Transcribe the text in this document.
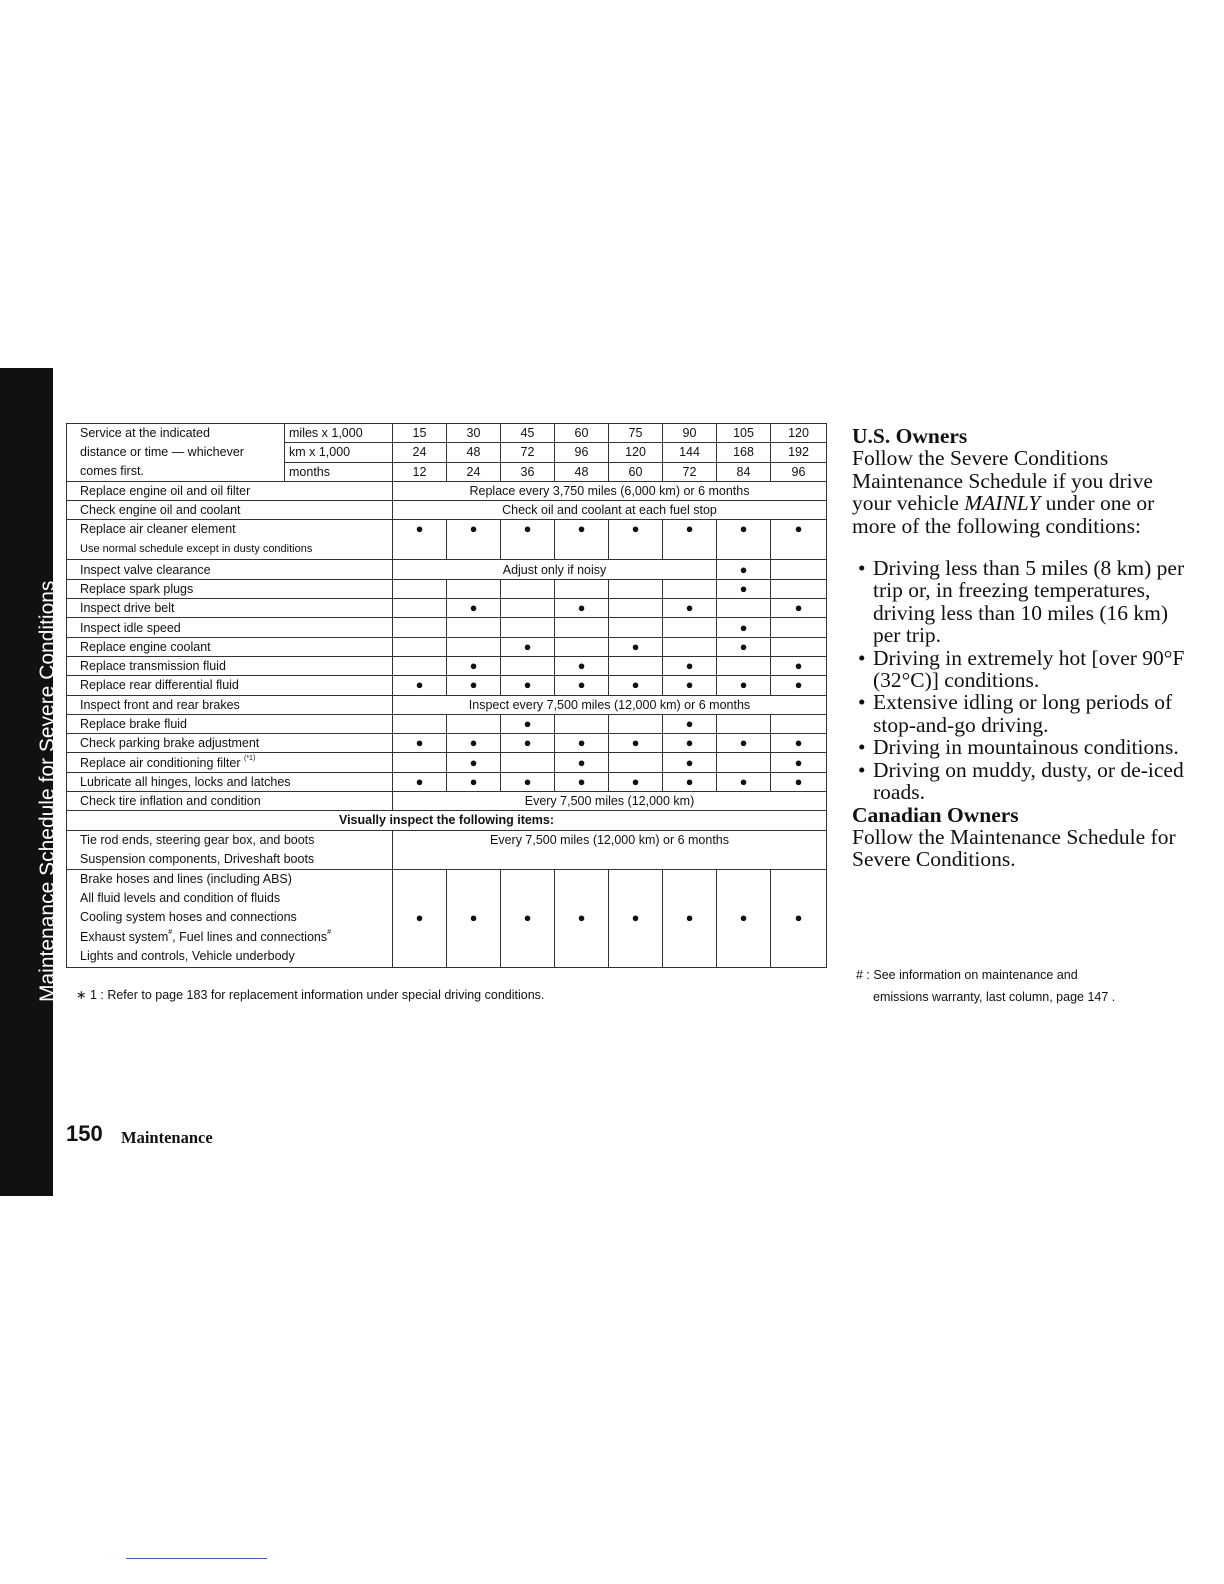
Maintenance Schedule for Severe Conditions
Service at the indicated	miles x 1,000	15	30	45	60	75	90	105	120
distance or time — whichever	km x 1,000	24	48	72	96	120	144	168	192
comes first.	months	12	24	36	48	60	72	84	96
Replace engine oil and oil filter		Replace every 3,750 miles (6,000 km) or 6 months							
Check engine oil and coolant		Check oil and coolant at each fuel stop							
Replace air cleaner element
Use normal schedule except in dusty conditions		●	●	●	●	●	●	●	●
Inspect valve clearance		Adjust only if noisy						●	
Replace spark plugs								●	
Inspect drive belt			●		●		●		●
Inspect idle speed								●	
Replace engine coolant				●		●		●	
Replace transmission fluid			●		●		●		●
Replace rear differential fluid		●	●	●	●	●	●	●	●
Inspect front and rear brakes		Inspect every 7,500 miles (12,000 km) or 6 months							
Replace brake fluid				●			●		
Check parking brake adjustment		●	●	●	●	●	●	●	●
Replace air conditioning filter $^{(*1)}$			●		●		●		●
Lubricate all hinges, locks and latches		●	●	●	●	●	●	●	●
Check tire inflation and condition		Every 7,500 miles (12,000 km)							
Visually inspect the following items:									
Tie rod ends, steering gear box, and boots
Suspension components, Driveshaft boots		Every 7,500 miles (12,000 km) or 6 months							
Brake hoses and lines (including ABS)
All fluid levels and condition of fluids
Cooling system hoses and connections
Exhaust system#, Fuel lines and connections#
Lights and controls, Vehicle underbody		●	●	●	●	●	●	●	●
∗ 1 : Refer to page 183 for replacement information under special driving conditions.
U.S. Owners

Follow the Severe Conditions Maintenance Schedule if you drive your vehicle MAINLY under one or more of the following conditions:

• Driving less than 5 miles (8 km) per trip or, in freezing temperatures, driving less than 10 miles (16 km) per trip.
• Driving in extremely hot [over 90°F (32°C)] conditions.
• Extensive idling or long periods of stop-and-go driving.
• Driving in mountainous conditions.
• Driving on muddy, dusty, or de-iced roads.
Canadian Owners

Follow the Maintenance Schedule for Severe Conditions.

# : See information on maintenance and
emissions warranty, last column, page 147 .
150 Maintenance
